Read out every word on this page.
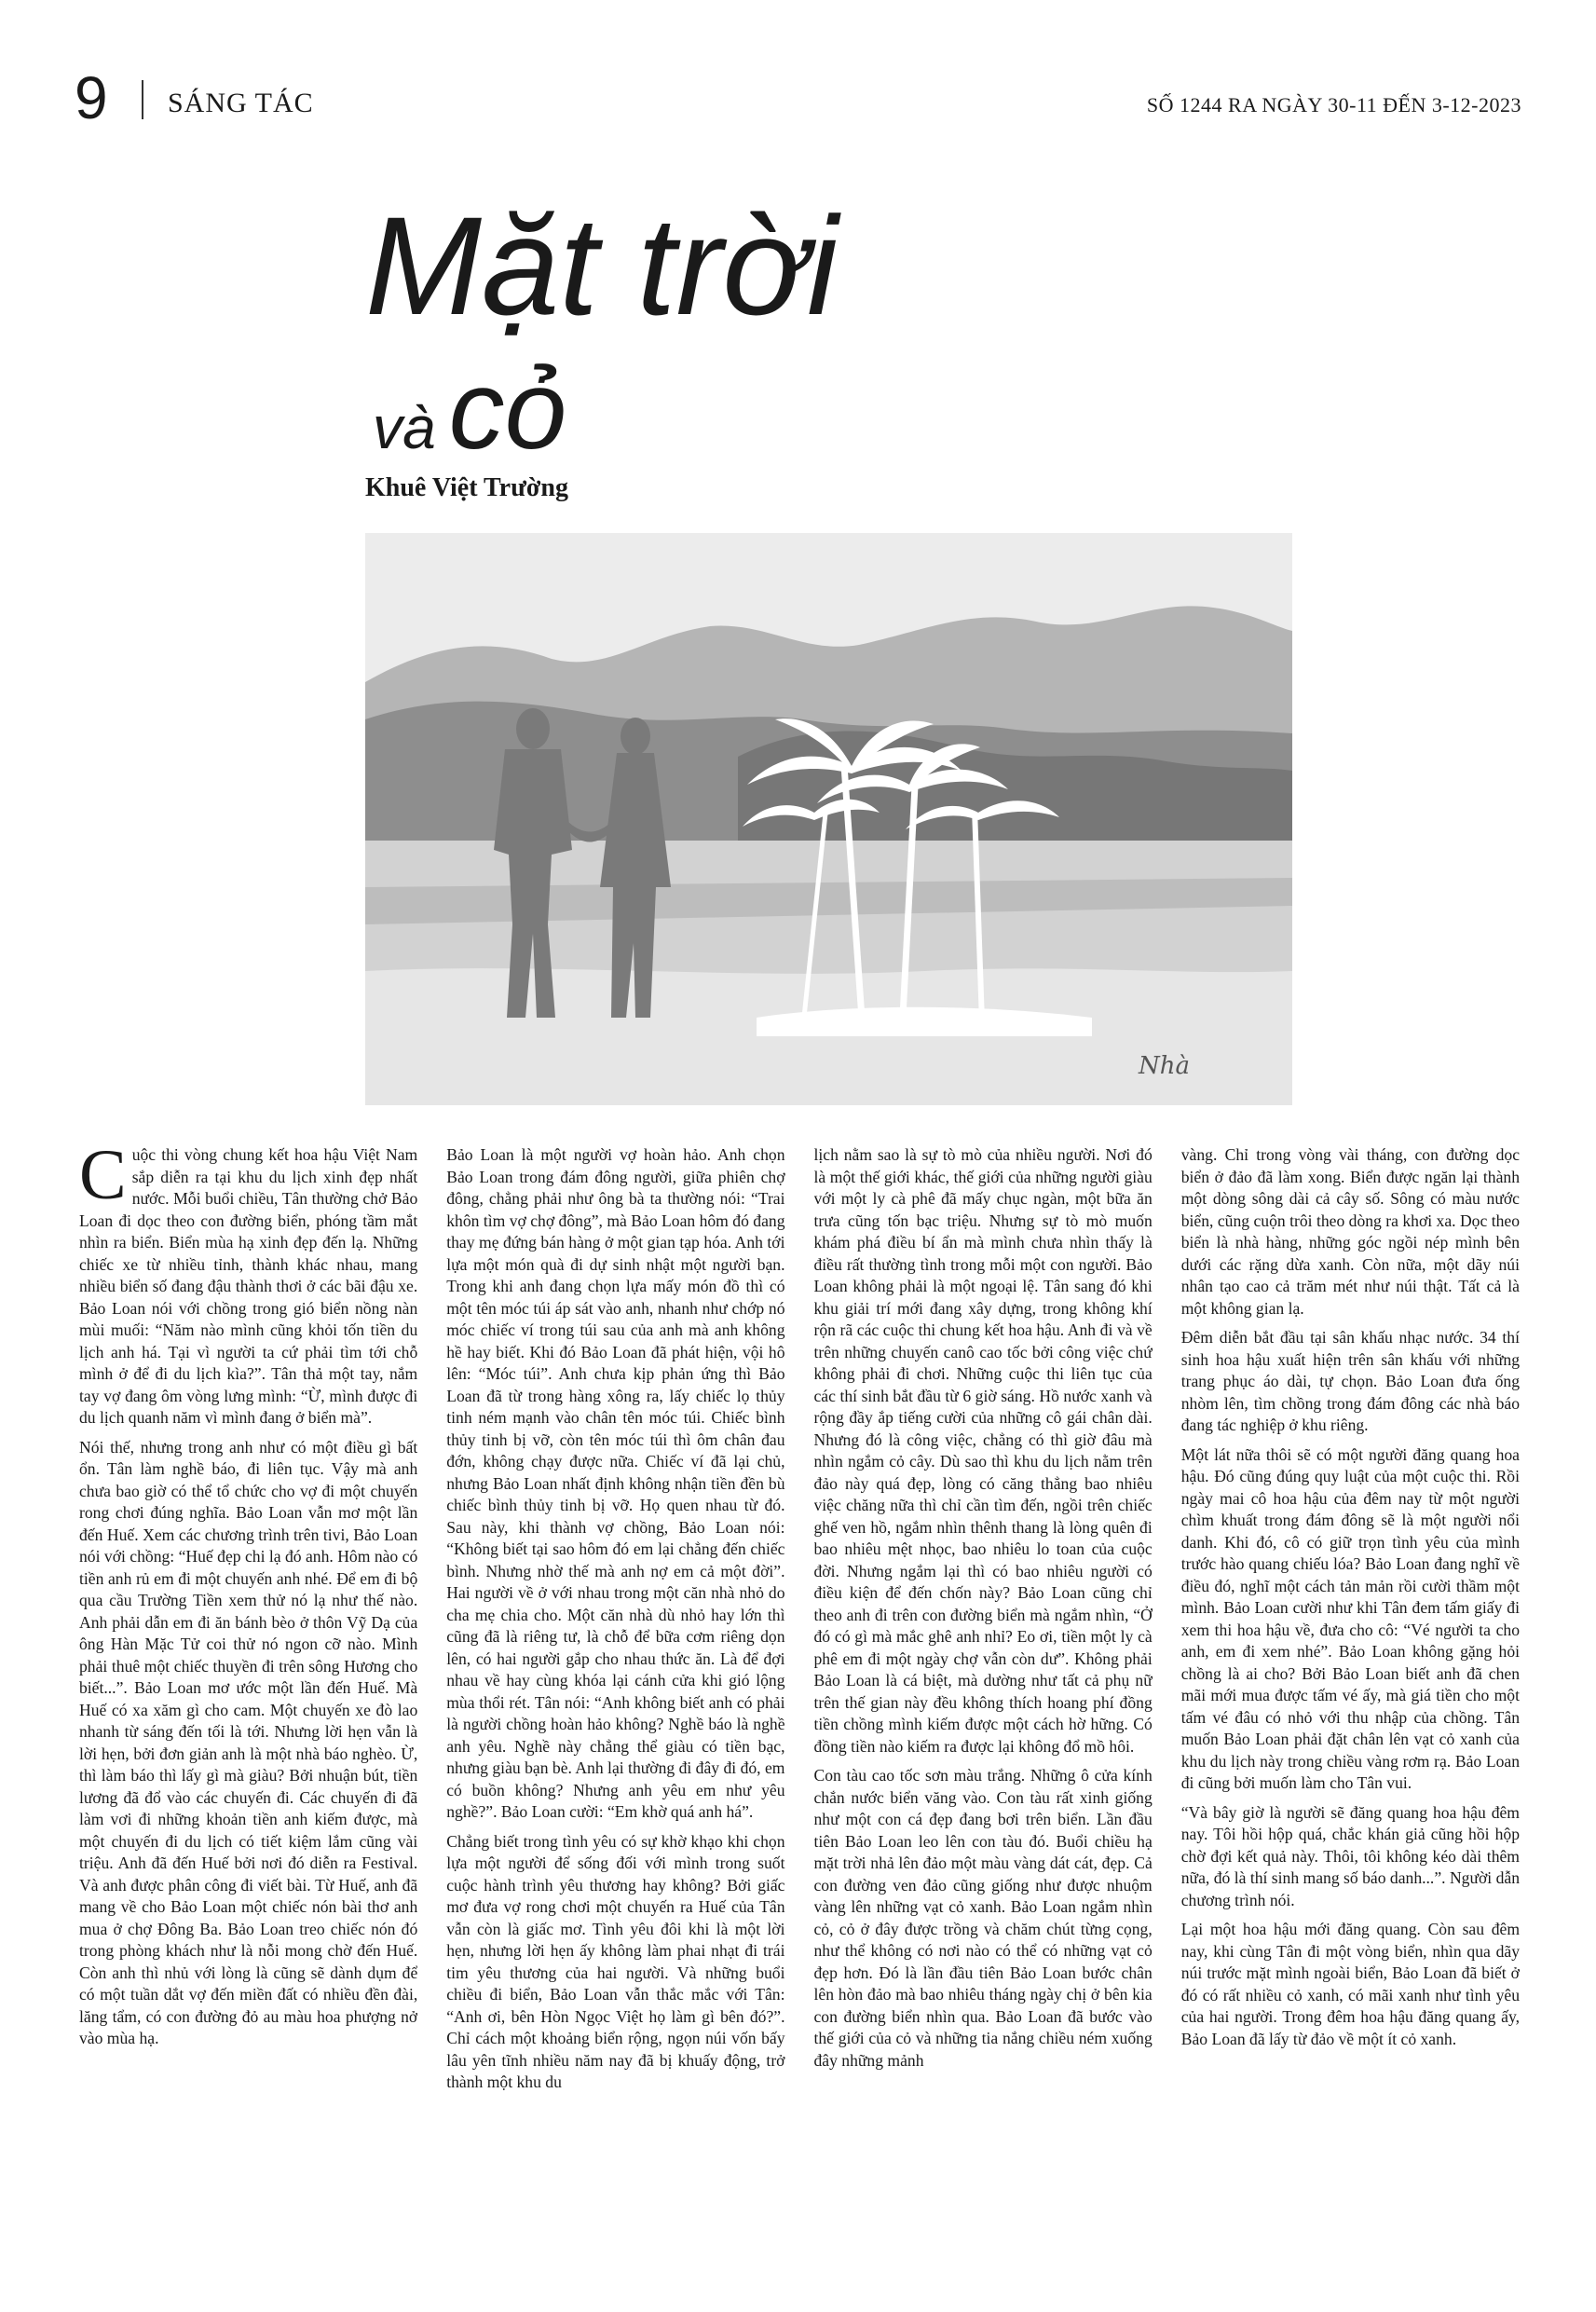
9 SÁNG TÁC	SỐ 1244 RA NGÀY 30-11 ĐẾN 3-12-2023
Mặt trời
và cỏ
Khuê Việt Trường
Nhà

Cuộc thi vòng chung kết hoa hậu Việt Nam sắp diễn ra tại khu du lịch xinh đẹp nhất nước. Mỗi buổi chiều, Tân thường chở Bảo Loan đi dọc theo con đường biển, phóng tầm mắt nhìn ra biển. Biển mùa hạ xinh đẹp đến lạ. Những chiếc xe từ nhiều tỉnh, thành khác nhau, mang nhiều biển số đang đậu thành thơi ở các bãi đậu xe. Bảo Loan nói với chồng trong gió biển nồng nàn mùi muối: “Năm nào mình cũng khỏi tốn tiền du lịch anh há. Tại vì người ta cứ phải tìm tới chỗ mình ở để đi du lịch kìa?”. Tân thả một tay, nắm tay vợ đang ôm vòng lưng mình: “Ừ, mình được đi du lịch quanh năm vì mình đang ở biển mà”.

Nói thế, nhưng trong anh như có một điều gì bất ổn. Tân làm nghề báo, đi liên tục. Vậy mà anh chưa bao giờ có thể tổ chức cho vợ đi một chuyến rong chơi đúng nghĩa. Bảo Loan vẫn mơ một lần đến Huế. Xem các chương trình trên tivi, Bảo Loan nói với chồng: “Huế đẹp chi lạ đó anh. Hôm nào có tiền anh rủ em đi một chuyến anh nhé. Để em đi bộ qua cầu Trường Tiền xem thử nó lạ như thế nào. Anh phải dẫn em đi ăn bánh bèo ở thôn Vỹ Dạ của ông Hàn Mặc Tử coi thử nó ngon cỡ nào. Mình phải thuê một chiếc thuyền đi trên sông Hương cho biết...”. Bảo Loan mơ ước một lần đến Huế. Mà Huế có xa xăm gì cho cam. Một chuyến xe đò lao nhanh từ sáng đến tối là tới. Nhưng lời hẹn vẫn là lời hẹn, bởi đơn giản anh là một nhà báo nghèo. Ừ, thì làm báo thì lấy gì mà giàu? Bởi nhuận bút, tiền lương đã đổ vào các chuyến đi. Các chuyến đi đã làm vơi đi những khoản tiền anh kiếm được, mà một chuyến đi du lịch có tiết kiệm lắm cũng vài triệu. Anh đã đến Huế bởi nơi đó diễn ra Festival. Và anh được phân công đi viết bài. Từ Huế, anh đã mang về cho Bảo Loan một chiếc nón bài thơ anh mua ở chợ Đông Ba. Bảo Loan treo chiếc nón đó trong phòng khách như là nỗi mong chờ đến Huế. Còn anh thì nhủ với lòng là cũng sẽ dành dụm để có một tuần dắt vợ đến miền đất có nhiều đền đài, lăng tẩm, có con đường đỏ au màu hoa phượng nở vào mùa hạ.

Bảo Loan là một người vợ hoàn hảo. Anh chọn Bảo Loan trong đám đông người, giữa phiên chợ đông, chẳng phải như ông bà ta thường nói: “Trai khôn tìm vợ chợ đông”, mà Bảo Loan hôm đó đang thay mẹ đứng bán hàng ở một gian tạp hóa. Anh tới lựa một món quà đi dự sinh nhật một người bạn. Trong khi anh đang chọn lựa mấy món đồ thì có một tên móc túi áp sát vào anh, nhanh như chớp nó móc chiếc ví trong túi sau của anh mà anh không hề hay biết. Khi đó Bảo Loan đã phát hiện, vội hô lên: “Móc túi”. Anh chưa kịp phản ứng thì Bảo Loan đã từ trong hàng xông ra, lấy chiếc lọ thủy tinh ném mạnh vào chân tên móc túi. Chiếc bình thủy tinh bị vỡ, còn tên móc túi thì ôm chân đau đớn, không chạy được nữa. Chiếc ví đã lại chủ, nhưng Bảo Loan nhất định không nhận tiền đền bù chiếc bình thủy tinh bị vỡ. Họ quen nhau từ đó. Sau này, khi thành vợ chồng, Bảo Loan nói: “Không biết tại sao hôm đó em lại chẳng đến chiếc bình. Nhưng nhờ thế mà anh nợ em cả một đời”. Hai người về ở với nhau trong một căn nhà nhỏ do cha mẹ chia cho. Một căn nhà dù nhỏ hay lớn thì cũng đã là riêng tư, là chỗ để bữa cơm riêng dọn lên, có hai người gắp cho nhau thức ăn. Là để đợi nhau về hay cùng khóa lại cánh cửa khi gió lộng mùa thổi rét. Tân nói: “Anh không biết anh có phải là người chồng hoàn hảo không? Nghề báo là nghề anh yêu. Nghề này chẳng thể giàu có tiền bạc, nhưng giàu bạn bè. Anh lại thường đi đây đi đó, em có buồn không? Nhưng anh yêu em như yêu nghề?”. Bảo Loan cười: “Em khờ quá anh há”.

Chẳng biết trong tình yêu có sự khờ khạo khi chọn lựa một người để sống đối với mình trong suốt cuộc hành trình yêu thương hay không? Bởi giấc mơ đưa vợ rong chơi một chuyến ra Huế của Tân vẫn còn là giấc mơ. Tình yêu đôi khi là một lời hẹn, nhưng lời hẹn ấy không làm phai nhạt đi trái tim yêu thương của hai người. Và những buổi chiều đi biển, Bảo Loan vẫn thắc mắc với Tân: “Anh ơi, bên Hòn Ngọc Việt họ làm gì bên đó?”. Chỉ cách một khoảng biển rộng, ngọn núi vốn bấy lâu yên tĩnh nhiều năm nay đã bị khuấy động, trở thành một khu du

lịch nằm sao là sự tò mò của nhiều người. Nơi đó là một thế giới khác, thế giới của những người giàu với một ly cà phê đã mấy chục ngàn, một bữa ăn trưa cũng tốn bạc triệu. Nhưng sự tò mò muốn khám phá điều bí ẩn mà mình chưa nhìn thấy là điều rất thường tình trong mỗi một con người. Bảo Loan không phải là một ngoại lệ. Tân sang đó khi khu giải trí mới đang xây dựng, trong không khí rộn rã các cuộc thi chung kết hoa hậu. Anh đi và về trên những chuyến canô cao tốc bởi công việc chứ không phải đi chơi. Những cuộc thi liên tục của các thí sinh bắt đầu từ 6 giờ sáng. Hồ nước xanh và rộng đầy ắp tiếng cười của những cô gái chân dài. Nhưng đó là công việc, chẳng có thì giờ đâu mà nhìn ngắm cỏ cây. Dù sao thì khu du lịch nằm trên đảo này quá đẹp, lòng có căng thẳng bao nhiêu việc chăng nữa thì chỉ cần tìm đến, ngồi trên chiếc ghế ven hồ, ngắm nhìn thênh thang là lòng quên đi bao nhiêu mệt nhọc, bao nhiêu lo toan của cuộc đời. Nhưng ngắm lại thì có bao nhiêu người có điều kiện để đến chốn này? Bảo Loan cũng chỉ theo anh đi trên con đường biển mà ngắm nhìn, “Ở đó có gì mà mắc ghê anh nhỉ? Eo ơi, tiền một ly cà phê em đi một ngày chợ vẫn còn dư”. Không phải Bảo Loan là cá biệt, mà dường như tất cả phụ nữ trên thế gian này đều không thích hoang phí đồng tiền chồng mình kiếm được một cách hờ hững. Có đồng tiền nào kiếm ra được lại không đổ mồ hôi.

Con tàu cao tốc sơn màu trắng. Những ô cửa kính chắn nước biển văng vào. Con tàu rất xinh giống như một con cá đẹp đang bơi trên biển. Lần đầu tiên Bảo Loan leo lên con tàu đó. Buổi chiều hạ mặt trời nhả lên đảo một màu vàng dát cát, đẹp. Cả con đường ven đảo cũng giống như được nhuộm vàng lên những vạt cỏ xanh. Bảo Loan ngắm nhìn cỏ, cỏ ở đây được trồng và chăm chút từng cọng, như thể không có nơi nào có thể có những vạt cỏ đẹp hơn. Đó là lần đầu tiên Bảo Loan bước chân lên hòn đảo mà bao nhiêu tháng ngày chị ở bên kia con đường biển nhìn qua. Bảo Loan đã bước vào thế giới của cỏ và những tia nắng chiều ném xuống đây những mảnh

vàng. Chỉ trong vòng vài tháng, con đường dọc biển ở đảo đã làm xong. Biển được ngăn lại thành một dòng sông dài cả cây số. Sông có màu nước biển, cũng cuộn trôi theo dòng ra khơi xa. Dọc theo biển là nhà hàng, những góc ngồi nép mình bên dưới các rặng dừa xanh. Còn nữa, một dãy núi nhân tạo cao cả trăm mét như núi thật. Tất cả là một không gian lạ.

Đêm diễn bắt đầu tại sân khấu nhạc nước. 34 thí sinh hoa hậu xuất hiện trên sân khấu với những trang phục áo dài, tự chọn. Bảo Loan đưa ống nhòm lên, tìm chồng trong đám đông các nhà báo đang tác nghiệp ở khu riêng.

Một lát nữa thôi sẽ có một người đăng quang hoa hậu. Đó cũng đúng quy luật của một cuộc thi. Rồi ngày mai cô hoa hậu của đêm nay từ một người chìm khuất trong đám đông sẽ là một người nổi danh. Khi đó, cô có giữ trọn tình yêu của mình trước hào quang chiếu lóa? Bảo Loan đang nghĩ về điều đó, nghĩ một cách tản mản rồi cười thầm một mình. Bảo Loan cười như khi Tân đem tấm giấy đi xem thi hoa hậu về, đưa cho cô: “Vé người ta cho anh, em đi xem nhé”. Bảo Loan không gặng hỏi chồng là ai cho? Bởi Bảo Loan biết anh đã chen mãi mới mua được tấm vé ấy, mà giá tiền cho một tấm vé đâu có nhỏ với thu nhập của chồng. Tân muốn Bảo Loan phải đặt chân lên vạt cỏ xanh của khu du lịch này trong chiều vàng rơm rạ. Bảo Loan đi cũng bởi muốn làm cho Tân vui.

“Và bây giờ là người sẽ đăng quang hoa hậu đêm nay. Tôi hồi hộp quá, chắc khán giả cũng hồi hộp chờ đợi kết quả này. Thôi, tôi không kéo dài thêm nữa, đó là thí sinh mang số báo danh...”. Người dẫn chương trình nói.

Lại một hoa hậu mới đăng quang. Còn sau đêm nay, khi cùng Tân đi một vòng biển, nhìn qua dãy núi trước mặt mình ngoài biển, Bảo Loan đã biết ở đó có rất nhiều cỏ xanh, có mãi xanh như tình yêu của hai người. Trong đêm hoa hậu đăng quang ấy, Bảo Loan đã lấy từ đảo về một ít cỏ xanh.
